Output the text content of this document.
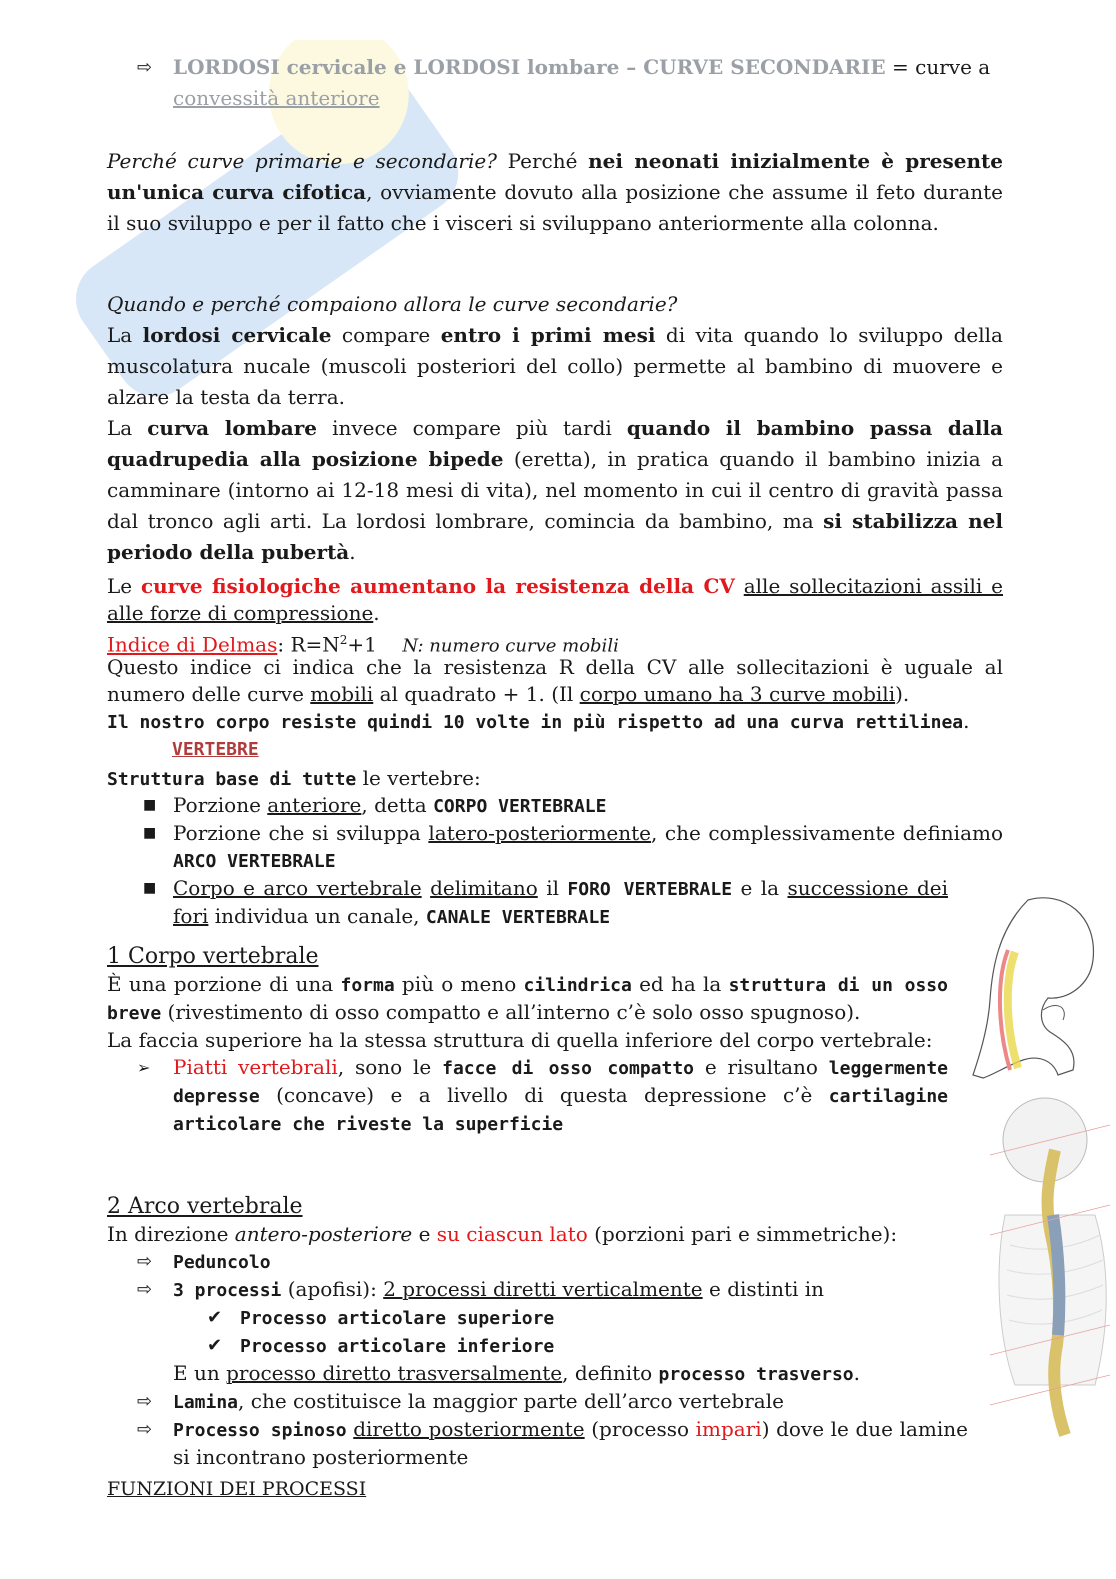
⇨ LORDOSI cervicale e LORDOSI lombare – CURVE SECONDARIE = curve a
convessità anteriore

Perché curve primarie e secondarie? Perché nei neonati inizialmente è presente un'unica curva cifotica, ovviamente dovuto alla posizione che assume il feto durante il suo sviluppo e per il fatto che i visceri si sviluppano anteriormente alla colonna.

Quando e perché compaiono allora le curve secondarie?

La lordosi cervicale compare entro i primi mesi di vita quando lo sviluppo della muscolatura nucale (muscoli posteriori del collo) permette al bambino di muovere e alzare la testa da terra.

La curva lombare invece compare più tardi quando il bambino passa dalla quadrupedia alla posizione bipede (eretta), in pratica quando il bambino inizia a camminare (intorno ai 12-18 mesi di vita), nel momento in cui il centro di gravità passa dal tronco agli arti. La lordosi lombrare, comincia da bambino, ma si stabilizza nel periodo della pubertà.

Le curve fisiologiche aumentano la resistenza della CV alle sollecitazioni assili e alle forze di compressione.

Indice di Delmas: $R=N^2+1$ N: numero curve mobili

Questo indice ci indica che la resistenza R della CV alle sollecitazioni è uguale al numero delle curve mobili al quadrato + 1. (Il corpo umano ha 3 curve mobili).

Il nostro corpo resiste quindi 10 volte in più rispetto ad una curva rettilinea.

VERTEBRE

Struttura base di tutte le vertebre:

■ Porzione anteriore, detta CORPO VERTEBRALE
■ Porzione che si sviluppa latero-posteriormente, che complessivamente definiamo ARCO VERTEBRALE
■ Corpo e arco vertebrale delimitano il FORO VERTEBRALE e la successione dei fori individua un canale, CANALE VERTEBRALE

1 Corpo vertebrale

È una porzione di una forma più o meno cilindrica ed ha la struttura di un osso breve (rivestimento di osso compatto e all’interno c’è solo osso spugnoso).

La faccia superiore ha la stessa struttura di quella inferiore del corpo vertebrale:

➢ Piatti vertebrali, sono le facce di osso compatto e risultano leggermente depresse (concave) e a livello di questa depressione c’è cartilagine articolare che riveste la superficie

2 Arco vertebrale

In direzione antero-posteriore e su ciascun lato (porzioni pari e simmetriche):

⇨ Peduncolo
⇨ 3 processi (apofisi): 2 processi diretti verticalmente e distinti in
✔ Processo articolare superiore
✔ Processo articolare inferiore
E un processo diretto trasversalmente, definito processo trasverso.
⇨ Lamina, che costituisce la maggior parte dell’arco vertebrale
⇨ Processo spinoso diretto posteriormente (processo impari) dove le due lamine si incontrano posteriormente

FUNZIONI DEI PROCESSI
